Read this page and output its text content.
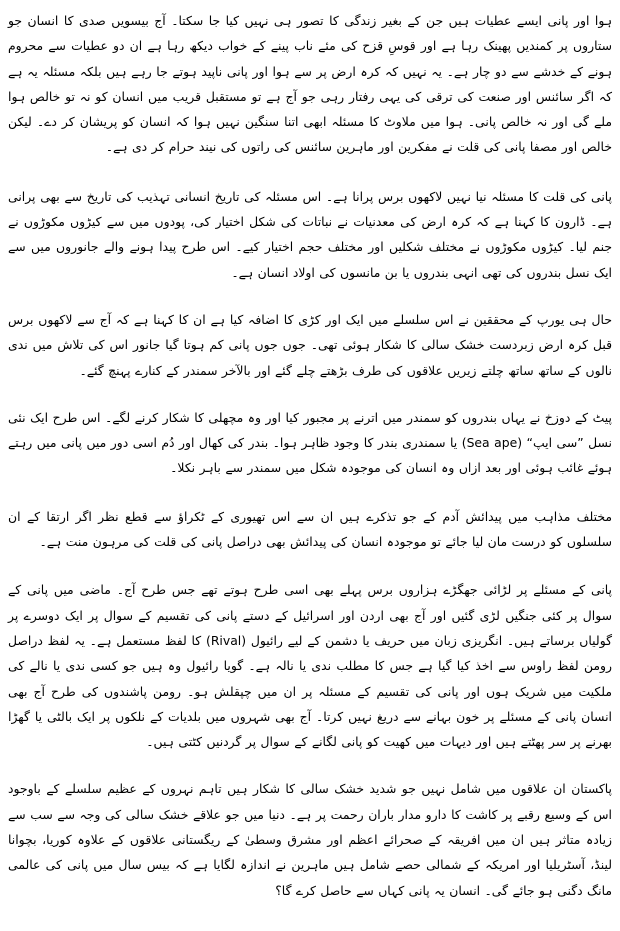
ہوا اور پانی ایسے عطیات ہیں جن کے بغیر زندگی کا تصور ہی نہیں کیا جا سکتا۔ آج بیسویں صدی کا انسان جو ستاروں پر کمندیں پھینک رہا ہے اور قوسِ قزح کی مئے ناب پینے کے خواب دیکھ رہا ہے ان دو عطیات سے محروم ہونے کے خدشے سے دو چار ہے۔ یہ نہیں کہ کرہ ارض پر سے ہوا اور پانی ناپید ہوتے جا رہے ہیں بلکہ مسئلہ یہ ہے کہ اگر سائنس اور صنعت کی ترقی کی یہی رفتار رہی جو آج ہے تو مستقبل قریب میں انسان کو نہ تو خالص ہوا ملے گی اور نہ خالص پانی۔ ہوا میں ملاوٹ کا مسئلہ ابھی اتنا سنگین نہیں ہوا کہ انسان کو پریشان کر دے۔ لیکن خالص اور مصفا پانی کی قلت نے مفکرین اور ماہرین سائنس کی راتوں کی نیند حرام کر دی ہے۔

پانی کی قلت کا مسئلہ نیا نہیں لاکھوں برس پرانا ہے۔ اس مسئلہ کی تاریخ انسانی تہذیب کی تاریخ سے بھی پرانی ہے۔ ڈارون کا کہنا ہے کہ کرہ ارض کی معدنیات نے نباتات کی شکل اختیار کی، پودوں میں سے کیڑوں مکوڑوں نے جنم لیا۔ کیڑوں مکوڑوں نے مختلف شکلیں اور مختلف حجم اختیار کیے۔ اس طرح پیدا ہونے والے جانوروں میں سے ایک نسل بندروں کی تھی انہی بندروں یا بن مانسوں کی اولاد انسان ہے۔

حال ہی یورپ کے محققین نے اس سلسلے میں ایک اور کڑی کا اضافہ کیا ہے ان کا کہنا ہے کہ آج سے لاکھوں برس قبل کرہ ارض زبردست خشک سالی کا شکار ہوئی تھی۔ جوں جوں پانی کم ہوتا گیا جانور اس کی تلاش میں ندی نالوں کے ساتھ ساتھ چلتے زیریں علاقوں کی طرف بڑھتے چلے گئے اور بالآخر سمندر کے کنارے پہنچ گئے۔

پیٹ کے دوزخ نے یہاں بندروں کو سمندر میں اترنے پر مجبور کیا اور وہ مچھلی کا شکار کرنے لگے۔ اس طرح ایک نئی نسل ”سی ایپ“ (Sea ape) یا سمندری بندر کا وجود ظاہر ہوا۔ بندر کی کھال اور دُم اسی دور میں پانی میں رہتے ہوئے غائب ہوئی اور بعد ازاں وہ انسان کی موجودہ شکل میں سمندر سے باہر نکلا۔

مختلف مذاہب میں پیدائش آدم کے جو تذکرے ہیں ان سے اس تھیوری کے ٹکراؤ سے قطع نظر اگر ارتقا کے ان سلسلوں کو درست مان لیا جائے تو موجودہ انسان کی پیدائش بھی دراصل پانی کی قلت کی مرہون منت ہے۔

پانی کے مسئلے پر لڑائی جھگڑے ہزاروں برس پہلے بھی اسی طرح ہوتے تھے جس طرح آج۔ ماضی میں پانی کے سوال پر کئی جنگیں لڑی گئیں اور آج بھی اردن اور اسرائیل کے دستے پانی کی تقسیم کے سوال پر ایک دوسرے پر گولیاں برساتے ہیں۔ انگریزی زبان میں حریف یا دشمن کے لیے رائیول (Rival) کا لفظ مستعمل ہے۔ یہ لفظ دراصل رومن لفظ راوس سے اخذ کیا گیا ہے جس کا مطلب ندی یا نالہ ہے۔ گویا رائیول وہ ہیں جو کسی ندی یا نالے کی ملکیت میں شریک ہوں اور پانی کی تقسیم کے مسئلہ پر ان میں چپقلش ہو۔ رومن پاشندوں کی طرح آج بھی انسان پانی کے مسئلے پر خون بہانے سے دریغ نہیں کرتا۔ آج بھی شہروں میں بلدیات کے نلکوں پر ایک بالٹی یا گھڑا بھرنے پر سر پھٹتے ہیں اور دیہات میں کھیت کو پانی لگانے کے سوال پر گردنیں کٹتی ہیں۔

پاکستان ان علاقوں میں شامل نہیں جو شدید خشک سالی کا شکار ہیں تاہم نہروں کے عظیم سلسلے کے باوجود اس کے وسیع رقبے پر کاشت کا دارو مدار باران رحمت پر ہے۔ دنیا میں جو علاقے خشک سالی کی وجہ سے سب سے زیادہ متاثر ہیں ان میں افریقہ کے صحرائے اعظم اور مشرق وسطیٰ کے ریگستانی علاقوں کے علاوہ کوریا، بچوانا لینڈ، آسٹریلیا اور امریکہ کے شمالی حصے شامل ہیں ماہرین نے اندازہ لگایا ہے کہ بیس سال میں پانی کی عالمی مانگ دگنی ہو جائے گی۔ انسان یہ پانی کہاں سے حاصل کرے گا؟
